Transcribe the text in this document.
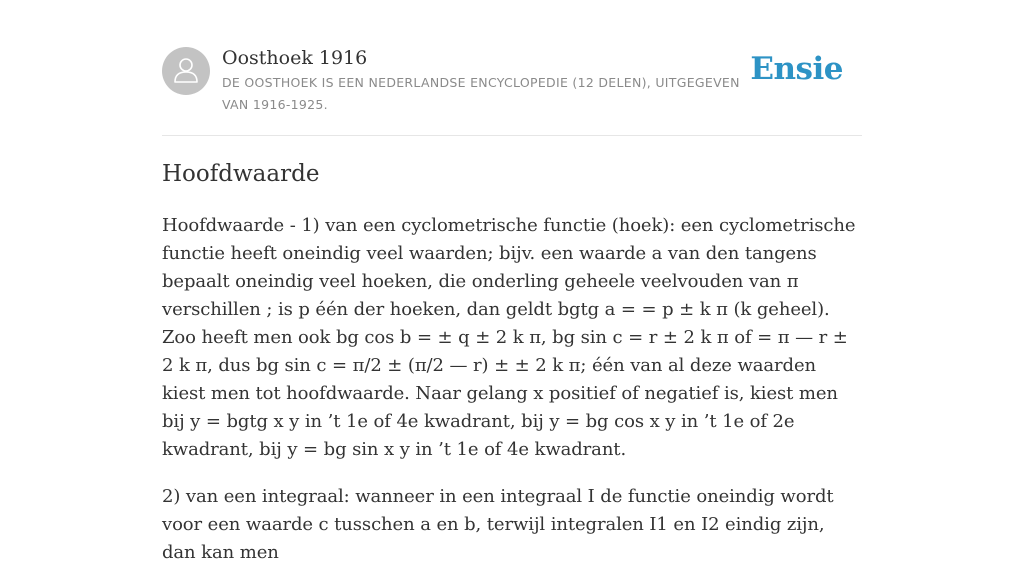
Oosthoek 1916
DE OOSTHOEK IS EEN NEDERLANDSE ENCYCLOPEDIE (12 DELEN), UITGEGEVEN VAN 1916-1925.
Ensie
Hoofdwaarde

Hoofdwaarde - 1) van een cyclometrische functie (hoek): een cyclometrische functie heeft oneindig veel waarden; bijv. een waarde a van den tangens bepaalt oneindig veel hoeken, die onderling geheele veelvouden van π verschillen ; is p één der hoeken, dan geldt bgtg a = = p ± k π (k geheel). Zoo heeft men ook bg cos b = ± q ± 2 k π, bg sin c = r ± 2 k π of = π — r ± 2 k π, dus bg sin c = π/2 ± (π/2 — r) ± ± 2 k π; één van al deze waarden kiest men tot hoofdwaarde. Naar gelang x positief of negatief is, kiest men bij y = bgtg x y in ’t 1e of 4e kwadrant, bij y = bg cos x y in ’t 1e of 2e kwadrant, bij y = bg sin x y in ’t 1e of 4e kwadrant.

2) van een integraal: wanneer in een integraal I de functie oneindig wordt voor een waarde c tusschen a en b, terwijl integralen I1 en I2 eindig zijn, dan kan men
